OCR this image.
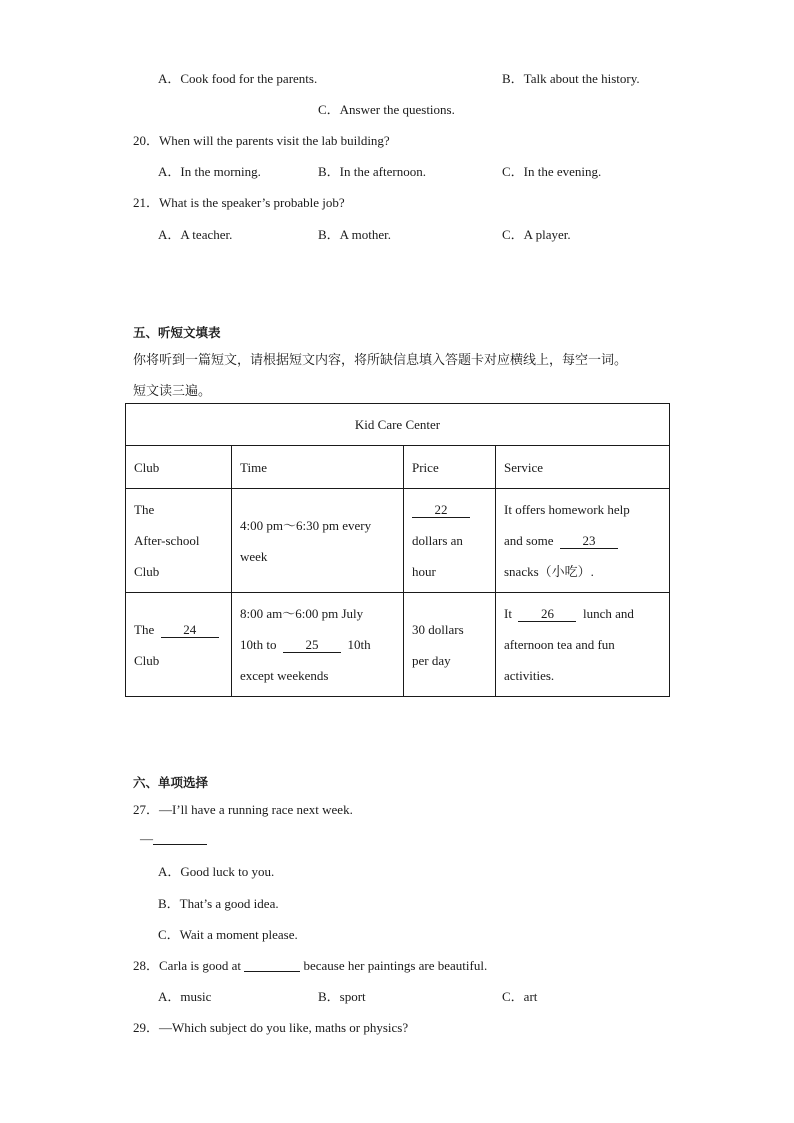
A．Cook food for the parents.	B．Talk about the history.
C．Answer the questions.
20．When will the parents visit the lab building?
A．In the morning.	B．In the afternoon.	C．In the evening.
21．What is the speaker’s probable job?
A．A teacher.	B．A mother.	C．A player.
五、听短文填表
你将听到一篇短文，请根据短文内容，将所缺信息填入答题卡对应横线上，每空一词。
短文读三遍。
Kid Care Center			
Club	Time	Price	Service

The
After-school
Club	4:00 pm～6:30 pm every
week	22
dollars an
hour	It offers homework help
and some 23
snacks（小吃）.

The 24
Club	8:00 am～6:00 pm July
10th to 25 10th
except weekends	30 dollars
per day	It 26 lunch and
afternoon tea and fun
activities.
六、单项选择
27．—I’ll have a running race next week.
—
A．Good luck to you.
B．That’s a good idea.
C．Wait a moment please.
28．Carla is good at	because her paintings are beautiful.
A．music	B．sport	C．art
29．—Which subject do you like, maths or physics?
